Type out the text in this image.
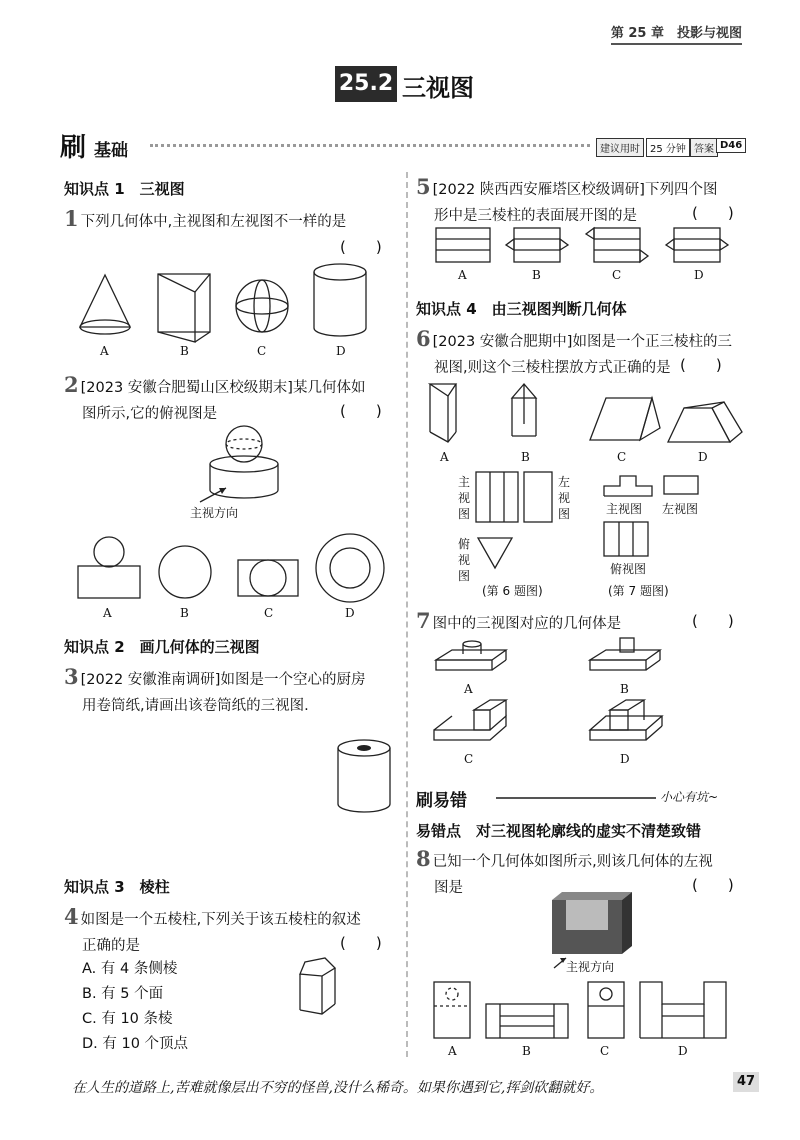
第 25 章　投影与视图
25.2 三视图
刷 基础	建议用时	25 分钟 答案 D46
知识点 1　三视图
1 下列几何体中,主视图和左视图不一样的是
(　　)
A	B	C	D
2 [2023 安徽合肥蜀山区校级期末]某几何体如
图所示,它的俯视图是	(　　)
主视方向
A	B	C	D
知识点 2　画几何体的三视图
3 [2022 安徽淮南调研]如图是一个空心的厨房
用卷筒纸,请画出该卷筒纸的三视图.
知识点 3　棱柱
4 如图是一个五棱柱,下列关于该五棱柱的叙述
正确的是	(　　)
A. 有 4 条侧棱
B. 有 5 个面
C. 有 10 条棱
D. 有 10 个顶点
5 [2022 陕西西安雁塔区校级调研]下列四个图
形中是三棱柱的表面展开图的是	(　　)
A	B	C	D
知识点 4　由三视图判断几何体
6 [2023 安徽合肥期中]如图是一个正三棱柱的三
视图,则这个三棱柱摆放方式正确的是 (　　)
A	B	C	D
主视图
左视图
俯视图
(第 6 题图)
主视图 左视图
俯视图
(第 7 题图)
7 图中的三视图对应的几何体是	(　　)
A	B
C	D
刷易错	小心有坑~
易错点　对三视图轮廓线的虚实不清楚致错
8 已知一个几何体如图所示,则该几何体的左视
图是	(　　)
主视方向
A	B	C	D
在人生的道路上,苦难就像层出不穷的怪兽,没什么稀奇。如果你遇到它,挥剑砍翻就好。	47
